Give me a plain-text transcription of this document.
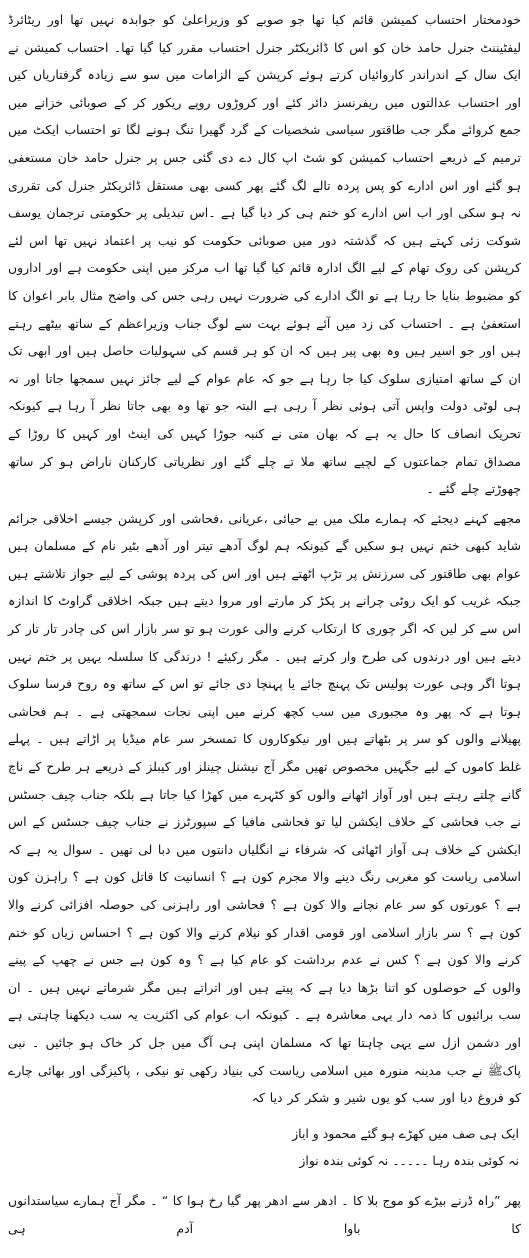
خودمختار احتساب کمیشن قائم کیا تھا جو صوبے کو وزیراعلیٰ کو جوابدہ نہیں تھا اور ریٹائرڈ لیفٹیننٹ جنرل حامد خان کو اس کا ڈائریکٹر جنرل احتساب مقرر کیا گیا تھا۔ احتساب کمیشن نے ایک سال کے اندراندر کاروائیاں کرتے ہوئے کرپشن کے الزامات میں سو سے زیادہ گرفتاریاں کیں اور احتساب عدالتوں میں ریفرنسز دائر کئے اور کروڑوں روپے ریکور کر کے صوبائی خزانے میں جمع کروائے مگر جب طاقتور سیاسی شخصیات کے گرد گھیرا تنگ ہونے لگا تو احتساب ایکٹ میں ترمیم کے ذریعے احتساب کمیشن کو شٹ اپ کال دے دی گئی جس پر جنرل حامد خان مستعفی ہو گئے اور اس ادارے کو پس پردہ تالے لگ گئے پھر کسی بھی مستقل ڈائریکٹر جنرل کی تقرری نہ ہو سکی اور اب اس ادارے کو ختم ہی کر دیا گیا ہے ۔اس تبدیلی پر حکومتی ترجمان یوسف شوکت زئی کہتے ہیں کہ گذشتہ دور میں صوبائی حکومت کو نیب پر اعتماد نہیں تھا اس لئے کرپشن کی روک تھام کے لیے الگ ادارہ قائم کیا گیا تھا اب مرکز میں اپنی حکومت ہے اور اداروں کو مضبوط بنایا جا رہا ہے تو الگ ادارے کی ضرورت نہیں رہی جس کی واضح مثال بابر اعوان کا استعفیٰ ہے ۔ احتساب کی زد میں آئے ہوئے بہت سے لوگ جناب وزیراعظم کے ساتھ بیٹھے رہتے ہیں اور جو اسیر ہیں وہ بھی پیر ہیں کہ ان کو ہر قسم کی سہولیات حاصل ہیں اور ابھی تک ان کے ساتھ امتیازی سلوک کیا جا رہا ہے جو کہ عام عوام کے لیے جائز نہیں سمجھا جاتا اور نہ ہی لوٹی دولت واپس آتی ہوئی نظر آ رہی ہے البتہ جو تھا وہ بھی جاتا نظر آ رہا ہے کیونکہ تحریک انصاف کا حال یہ ہے کہ بھان متی نے کنبہ جوڑا کہیں کی اینٹ اور کہیں کا روڑا کے مصداق تمام جماعتوں کے لچیے ساتھ ملا تے چلے گئے اور نظریاتی کارکنان ناراض ہو کر ساتھ چھوڑتے چلے گئے ۔

مجھے کہنے دیجئے کہ ہمارے ملک میں بے حیائی ،عریانی ،فحاشی اور کرپشن جیسے اخلاقی جرائم شاید کبھی ختم نہیں ہو سکیں گے کیونکہ ہم لوگ آدھے تیتر اور آدھے بٹیر نام کے مسلمان ہیں عوام بھی طاقتور کی سرزنش پر تڑپ اٹھتے ہیں اور اس کی پردہ پوشی کے لیے جواز تلاشتے ہیں جبکہ غریب کو ایک روٹی چرانے پر پکڑ کر مارتے اور مروا دیتے ہیں جبکہ اخلاقی گراوٹ کا اندازہ اس سے کر لیں کہ اگر چوری کا ارتکاب کرنے والی عورت ہو تو سر بازار اس کی چادر تار تار کر دیتے ہیں اور درندوں کی طرح وار کرتے ہیں ۔ مگر رکیئے ! درندگی کا سلسلہ یہیں پر ختم نہیں ہوتا اگر وہی عورت پولیس تک پہنچ جائے یا پہنچا دی جائے تو اس کے ساتھ وہ روح فرسا سلوک ہوتا ہے کہ پھر وہ مجبوری میں سب کچھ کرنے میں اپنی نجات سمجھتی ہے ۔ ہم فحاشی پھیلانے والوں کو سر پر بٹھاتے ہیں اور نیکوکاروں کا تمسخر سر عام میڈیا پر اڑاتے ہیں ۔ پہلے غلط کاموں کے لیے جگہیں مخصوص تھیں مگر آج نیشنل چینلز اور کیبلز کے ذریعے ہر طرح کے ناچ گانے چلتے رہتے ہیں اور آواز اٹھانے والوں کو کٹہرے میں کھڑا کیا جاتا ہے بلکہ جناب چیف جسٹس نے جب فحاشی کے خلاف ایکشن لیا تو فحاشی مافیا کے سپورٹرز نے جناب چیف جسٹس کے اس ایکشن کے خلاف ہی آواز اٹھائی کہ شرفاء نے انگلیاں دانتوں میں دبا لی تھیں ۔ سوال یہ ہے کہ اسلامی ریاست کو مغربی رنگ دینے والا مجرم کون ہے ؟ انسانیت کا قاتل کون ہے ؟ راہزن کون ہے ؟ عورتوں کو سر عام نچانے والا کون ہے ؟ فحاشی اور راہزنی کی حوصلہ افزائی کرنے والا کون ہے ؟ سر بازار اسلامی اور قومی اقدار کو نیلام کرنے والا کون ہے ؟ احساس زیاں کو ختم کرنے والا کون ہے ؟ کس نے عدم برداشت کو عام کیا ہے ؟ وہ کون ہے جس نے چھپ کے پینے والوں کے حوصلوں کو اتنا بڑھا دیا ہے کہ پیتے ہیں اور اتراتے ہیں مگر شرماتے نہیں ہیں ۔ ان سب برائیوں کا ذمہ دار یہی معاشرہ ہے ۔ کیونکہ اب عوام کی اکثریت یہ سب دیکھنا چاہتی ہے اور دشمن ازل سے یہی چاہتا تھا کہ مسلمان اپنی ہی آگ میں جل کر خاک ہو جائیں ۔ نبی پاکﷺ نے جب مدینہ منورہ میں اسلامی ریاست کی بنیاد رکھی تو نیکی ، پاکیزگی اور بھائی چارے کو فروغ دیا اور سب کو یوں شیر و شکر کر دیا کہ

ایک ہی صف میں کھڑے ہو گئے محمود و ایاز

نہ کوئی بندہ رہا ۔۔۔۔۔ نہ کوئی بندہ نواز

پھر ”راہ ڈرنے بیڑے کو موج بلا کا ۔ ادھر سے ادھر پھر گیا رخ ہوا کا “ ۔ مگر آج ہمارے سیاستدانوں کا باوا آدم ہی
